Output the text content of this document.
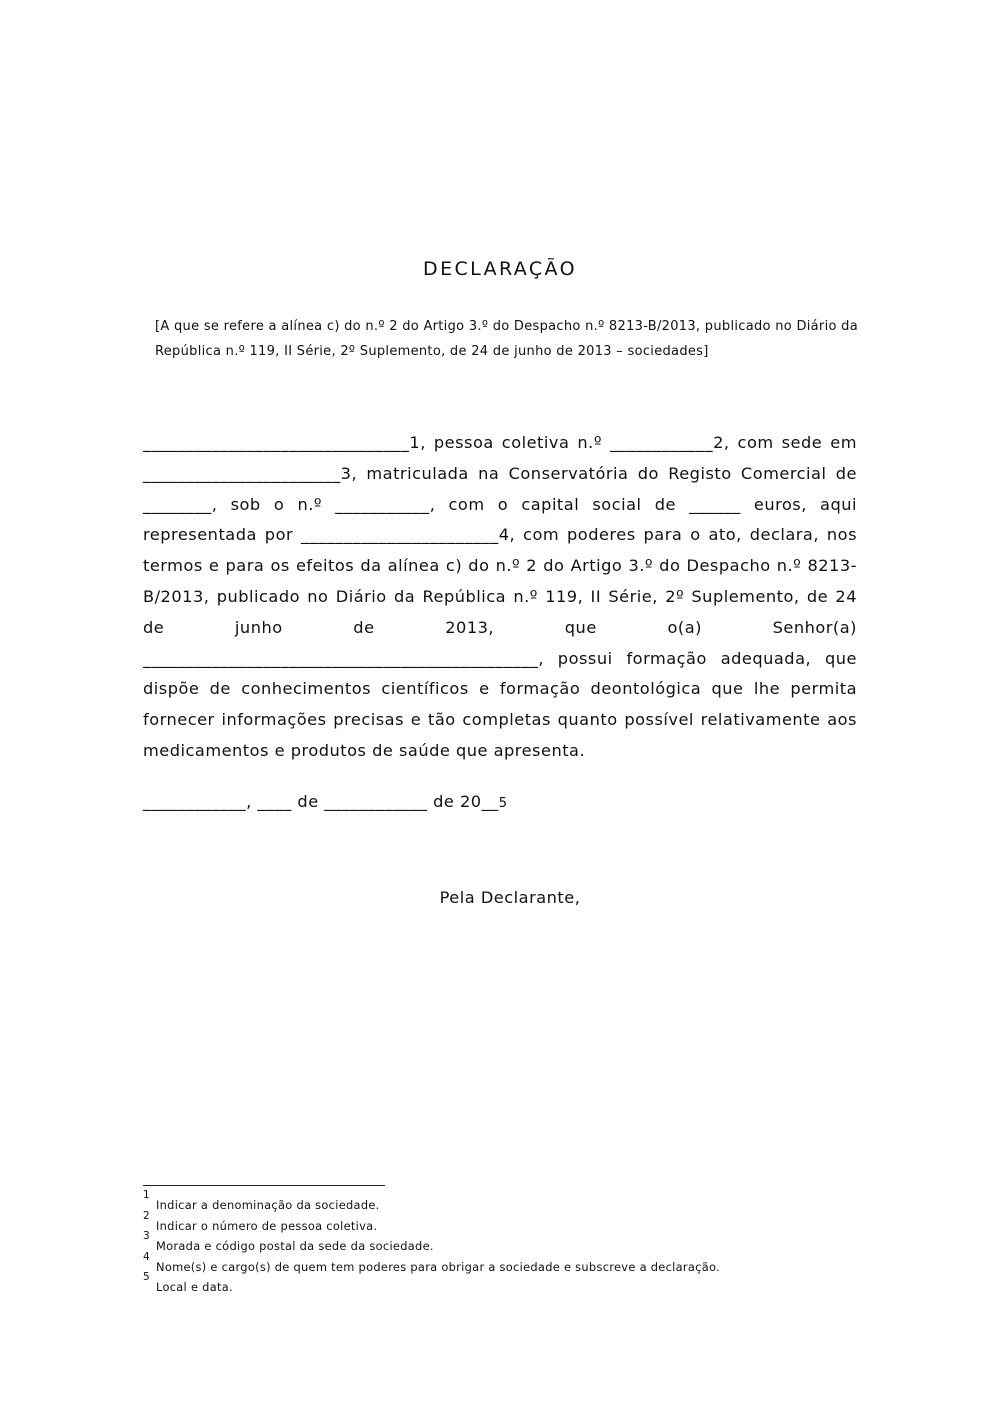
DECLARAÇÃO
[A que se refere a alínea c) do n.º 2 do Artigo 3.º do Despacho n.º 8213-B/2013, publicado no Diário da República n.º 119, II Série, 2º Suplemento, de 24 de junho de 2013 – sociedades]
_______________________________1, pessoa coletiva n.º ____________2, com sede em _______________________3, matriculada na Conservatória do Registo Comercial de ________, sob o n.º ___________, com o capital social de ______ euros, aqui representada por _______________________4, com poderes para o ato, declara, nos termos e para os efeitos da alínea c) do n.º 2 do Artigo 3.º do Despacho n.º 8213-B/2013, publicado no Diário da República n.º 119, II Série, 2º Suplemento, de 24 de junho de 2013, que o(a) Senhor(a) ______________________________________________, possui formação adequada, que dispõe de conhecimentos científicos e formação deontológica que lhe permita fornecer informações precisas e tão completas quanto possível relativamente aos medicamentos e produtos de saúde que apresenta.
____________, ____ de ____________ de 20__5
Pela Declarante,
1
Indicar a denominação da sociedade.
2
Indicar o número de pessoa coletiva.
3
Morada e código postal da sede da sociedade.
4
Nome(s) e cargo(s) de quem tem poderes para obrigar a sociedade e subscreve a declaração.
5
Local e data.
